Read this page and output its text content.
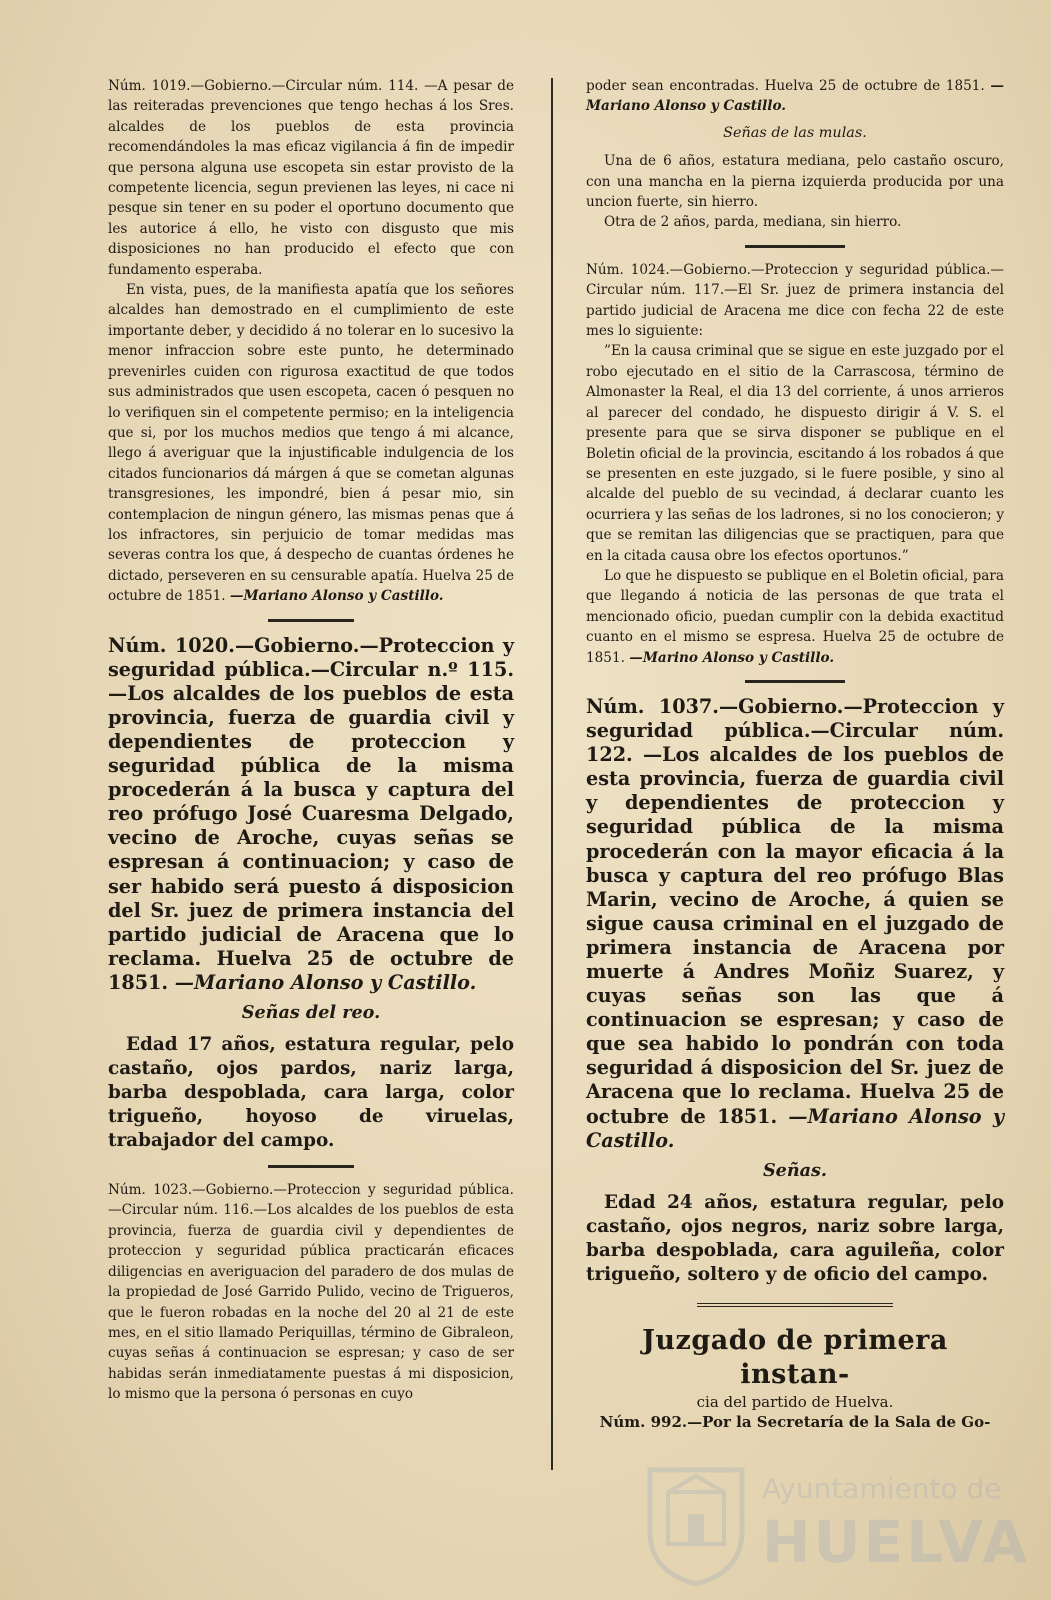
Núm. 1019.—Gobierno.—Circular núm. 114. —A pesar de las reiteradas prevenciones que tengo hechas á los Sres. alcaldes de los pueblos de esta provincia recomendándoles la mas eficaz vigilancia á fin de impedir que persona alguna use escopeta sin estar provisto de la competente licencia, segun previenen las leyes, ni cace ni pesque sin tener en su poder el oportuno documento que les autorice á ello, he visto con disgusto que mis disposiciones no han producido el efecto que con fundamento esperaba.

En vista, pues, de la manifiesta apatía que los señores alcaldes han demostrado en el cumplimiento de este importante deber, y decidido á no tolerar en lo sucesivo la menor infraccion sobre este punto, he determinado prevenirles cuiden con rigurosa exactitud de que todos sus administrados que usen escopeta, cacen ó pesquen no lo verifiquen sin el competente permiso; en la inteligencia que si, por los muchos medios que tengo á mi alcance, llego á averiguar que la injustificable indulgencia de los citados funcionarios dá márgen á que se cometan algunas transgresiones, les impondré, bien á pesar mio, sin contemplacion de ningun género, las mismas penas que á los infractores, sin perjuicio de tomar medidas mas severas contra los que, á despecho de cuantas órdenes he dictado, perseveren en su censurable apatía. Huelva 25 de octubre de 1851. —Mariano Alonso y Castillo.

Núm. 1020.—Gobierno.—Proteccion y seguridad pública.—Circular n.º 115. —Los alcaldes de los pueblos de esta provincia, fuerza de guardia civil y dependientes de proteccion y seguridad pública de la misma procederán á la busca y captura del reo prófugo José Cuaresma Delgado, vecino de Aroche, cuyas señas se espresan á continuacion; y caso de ser habido será puesto á disposicion del Sr. juez de primera instancia del partido judicial de Aracena que lo reclama. Huelva 25 de octubre de 1851. —Mariano Alonso y Castillo.

Señas del reo.

Edad 17 años, estatura regular, pelo castaño, ojos pardos, nariz larga, barba despoblada, cara larga, color trigueño, hoyoso de viruelas, trabajador del campo.

Núm. 1023.—Gobierno.—Proteccion y seguridad pública.—Circular núm. 116.—Los alcaldes de los pueblos de esta provincia, fuerza de guardia civil y dependientes de proteccion y seguridad pública practicarán eficaces diligencias en averiguacion del paradero de dos mulas de la propiedad de José Garrido Pulido, vecino de Trigueros, que le fueron robadas en la noche del 20 al 21 de este mes, en el sitio llamado Periquillas, término de Gibraleon, cuyas señas á continuacion se espresan; y caso de ser habidas serán inmediatamente puestas á mi disposicion, lo mismo que la persona ó personas en cuyo

poder sean encontradas. Huelva 25 de octubre de 1851. —Mariano Alonso y Castillo.

Señas de las mulas.

Una de 6 años, estatura mediana, pelo castaño oscuro, con una mancha en la pierna izquierda producida por una uncion fuerte, sin hierro.

Otra de 2 años, parda, mediana, sin hierro.

Núm. 1024.—Gobierno.—Proteccion y seguridad pública.—Circular núm. 117.—El Sr. juez de primera instancia del partido judicial de Aracena me dice con fecha 22 de este mes lo siguiente:

”En la causa criminal que se sigue en este juzgado por el robo ejecutado en el sitio de la Carrascosa, término de Almonaster la Real, el dia 13 del corriente, á unos arrieros al parecer del condado, he dispuesto dirigir á V. S. el presente para que se sirva disponer se publique en el Boletin oficial de la provincia, escitando á los robados á que se presenten en este juzgado, si le fuere posible, y sino al alcalde del pueblo de su vecindad, á declarar cuanto les ocurriera y las señas de los ladrones, si no los conocieron; y que se remitan las diligencias que se practiquen, para que en la citada causa obre los efectos oportunos.”

Lo que he dispuesto se publique en el Boletin oficial, para que llegando á noticia de las personas de que trata el mencionado oficio, puedan cumplir con la debida exactitud cuanto en el mismo se espresa. Huelva 25 de octubre de 1851. —Marino Alonso y Castillo.

Núm. 1037.—Gobierno.—Proteccion y seguridad pública.—Circular núm. 122. —Los alcaldes de los pueblos de esta provincia, fuerza de guardia civil y dependientes de proteccion y seguridad pública de la misma procederán con la mayor eficacia á la busca y captura del reo prófugo Blas Marin, vecino de Aroche, á quien se sigue causa criminal en el juzgado de primera instancia de Aracena por muerte á Andres Moñiz Suarez, y cuyas señas son las que á continuacion se espresan; y caso de que sea habido lo pondrán con toda seguridad á disposicion del Sr. juez de Aracena que lo reclama. Huelva 25 de octubre de 1851. —Mariano Alonso y Castillo.

Señas.

Edad 24 años, estatura regular, pelo castaño, ojos negros, nariz sobre larga, barba despoblada, cara aguileña, color trigueño, soltero y de oficio del campo.

Juzgado de primera instan-
cia del partido de Huelva.
Núm. 992.—Por la Secretaría de la Sala de Go-
Ayuntamiento de
HUELVA
